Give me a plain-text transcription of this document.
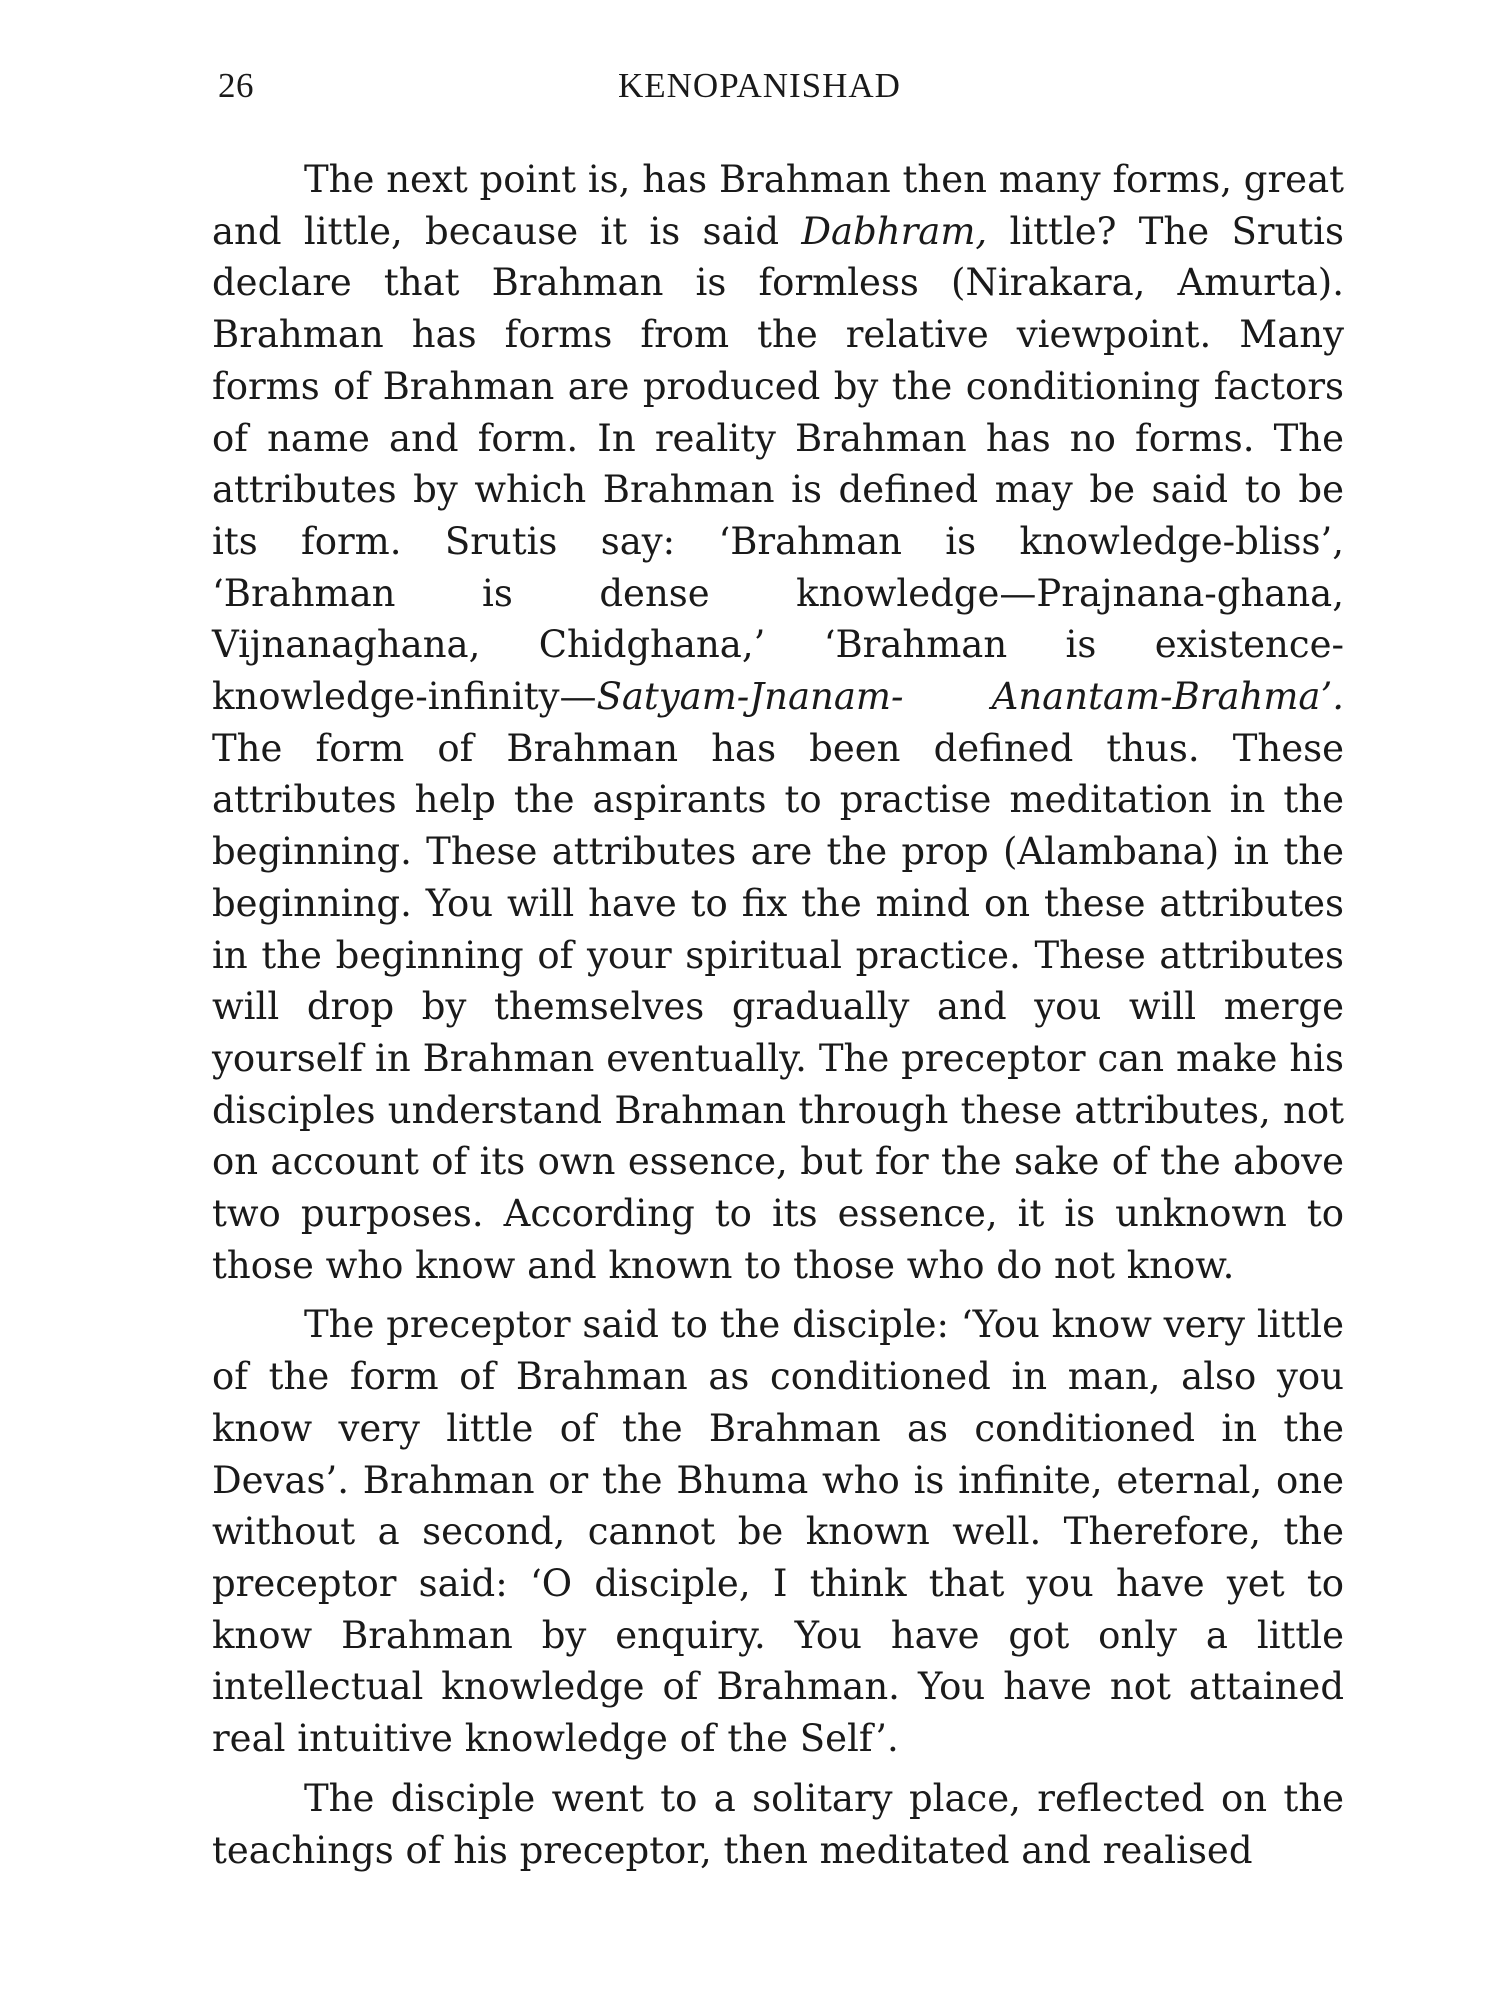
26	KENOPANISHAD

The next point is, has Brahman then many forms, great and little, because it is said Dabhram, little? The Srutis declare that Brahman is formless (Nirakara, Amurta). Brahman has forms from the relative viewpoint. Many forms of Brahman are produced by the conditioning factors of name and form. In reality Brahman has no forms. The attributes by which Brahman is defined may be said to be its form. Srutis say: ‘Brahman is knowledge-bliss’, ‘Brahman is dense knowledge—Prajnana-ghana, Vijnanaghana, Chidghana,’ ‘Brahman is existence-knowledge-infinity—Satyam-Jnanam- Anantam-Brahma’. The form of Brahman has been defined thus. These attributes help the aspirants to practise meditation in the beginning. These attributes are the prop (Alambana) in the beginning. You will have to fix the mind on these attributes in the beginning of your spiritual practice. These attributes will drop by themselves gradually and you will merge yourself in Brahman eventually. The preceptor can make his disciples understand Brahman through these attributes, not on account of its own essence, but for the sake of the above two purposes. According to its essence, it is unknown to those who know and known to those who do not know.

The preceptor said to the disciple: ‘You know very little of the form of Brahman as conditioned in man, also you know very little of the Brahman as conditioned in the Devas’. Brahman or the Bhuma who is infinite, eternal, one without a second, cannot be known well. Therefore, the preceptor said: ‘O disciple, I think that you have yet to know Brahman by enquiry. You have got only a little intellectual knowledge of Brahman. You have not attained real intuitive knowledge of the Self’.

The disciple went to a solitary place, reflected on the teachings of his preceptor, then meditated and realised
